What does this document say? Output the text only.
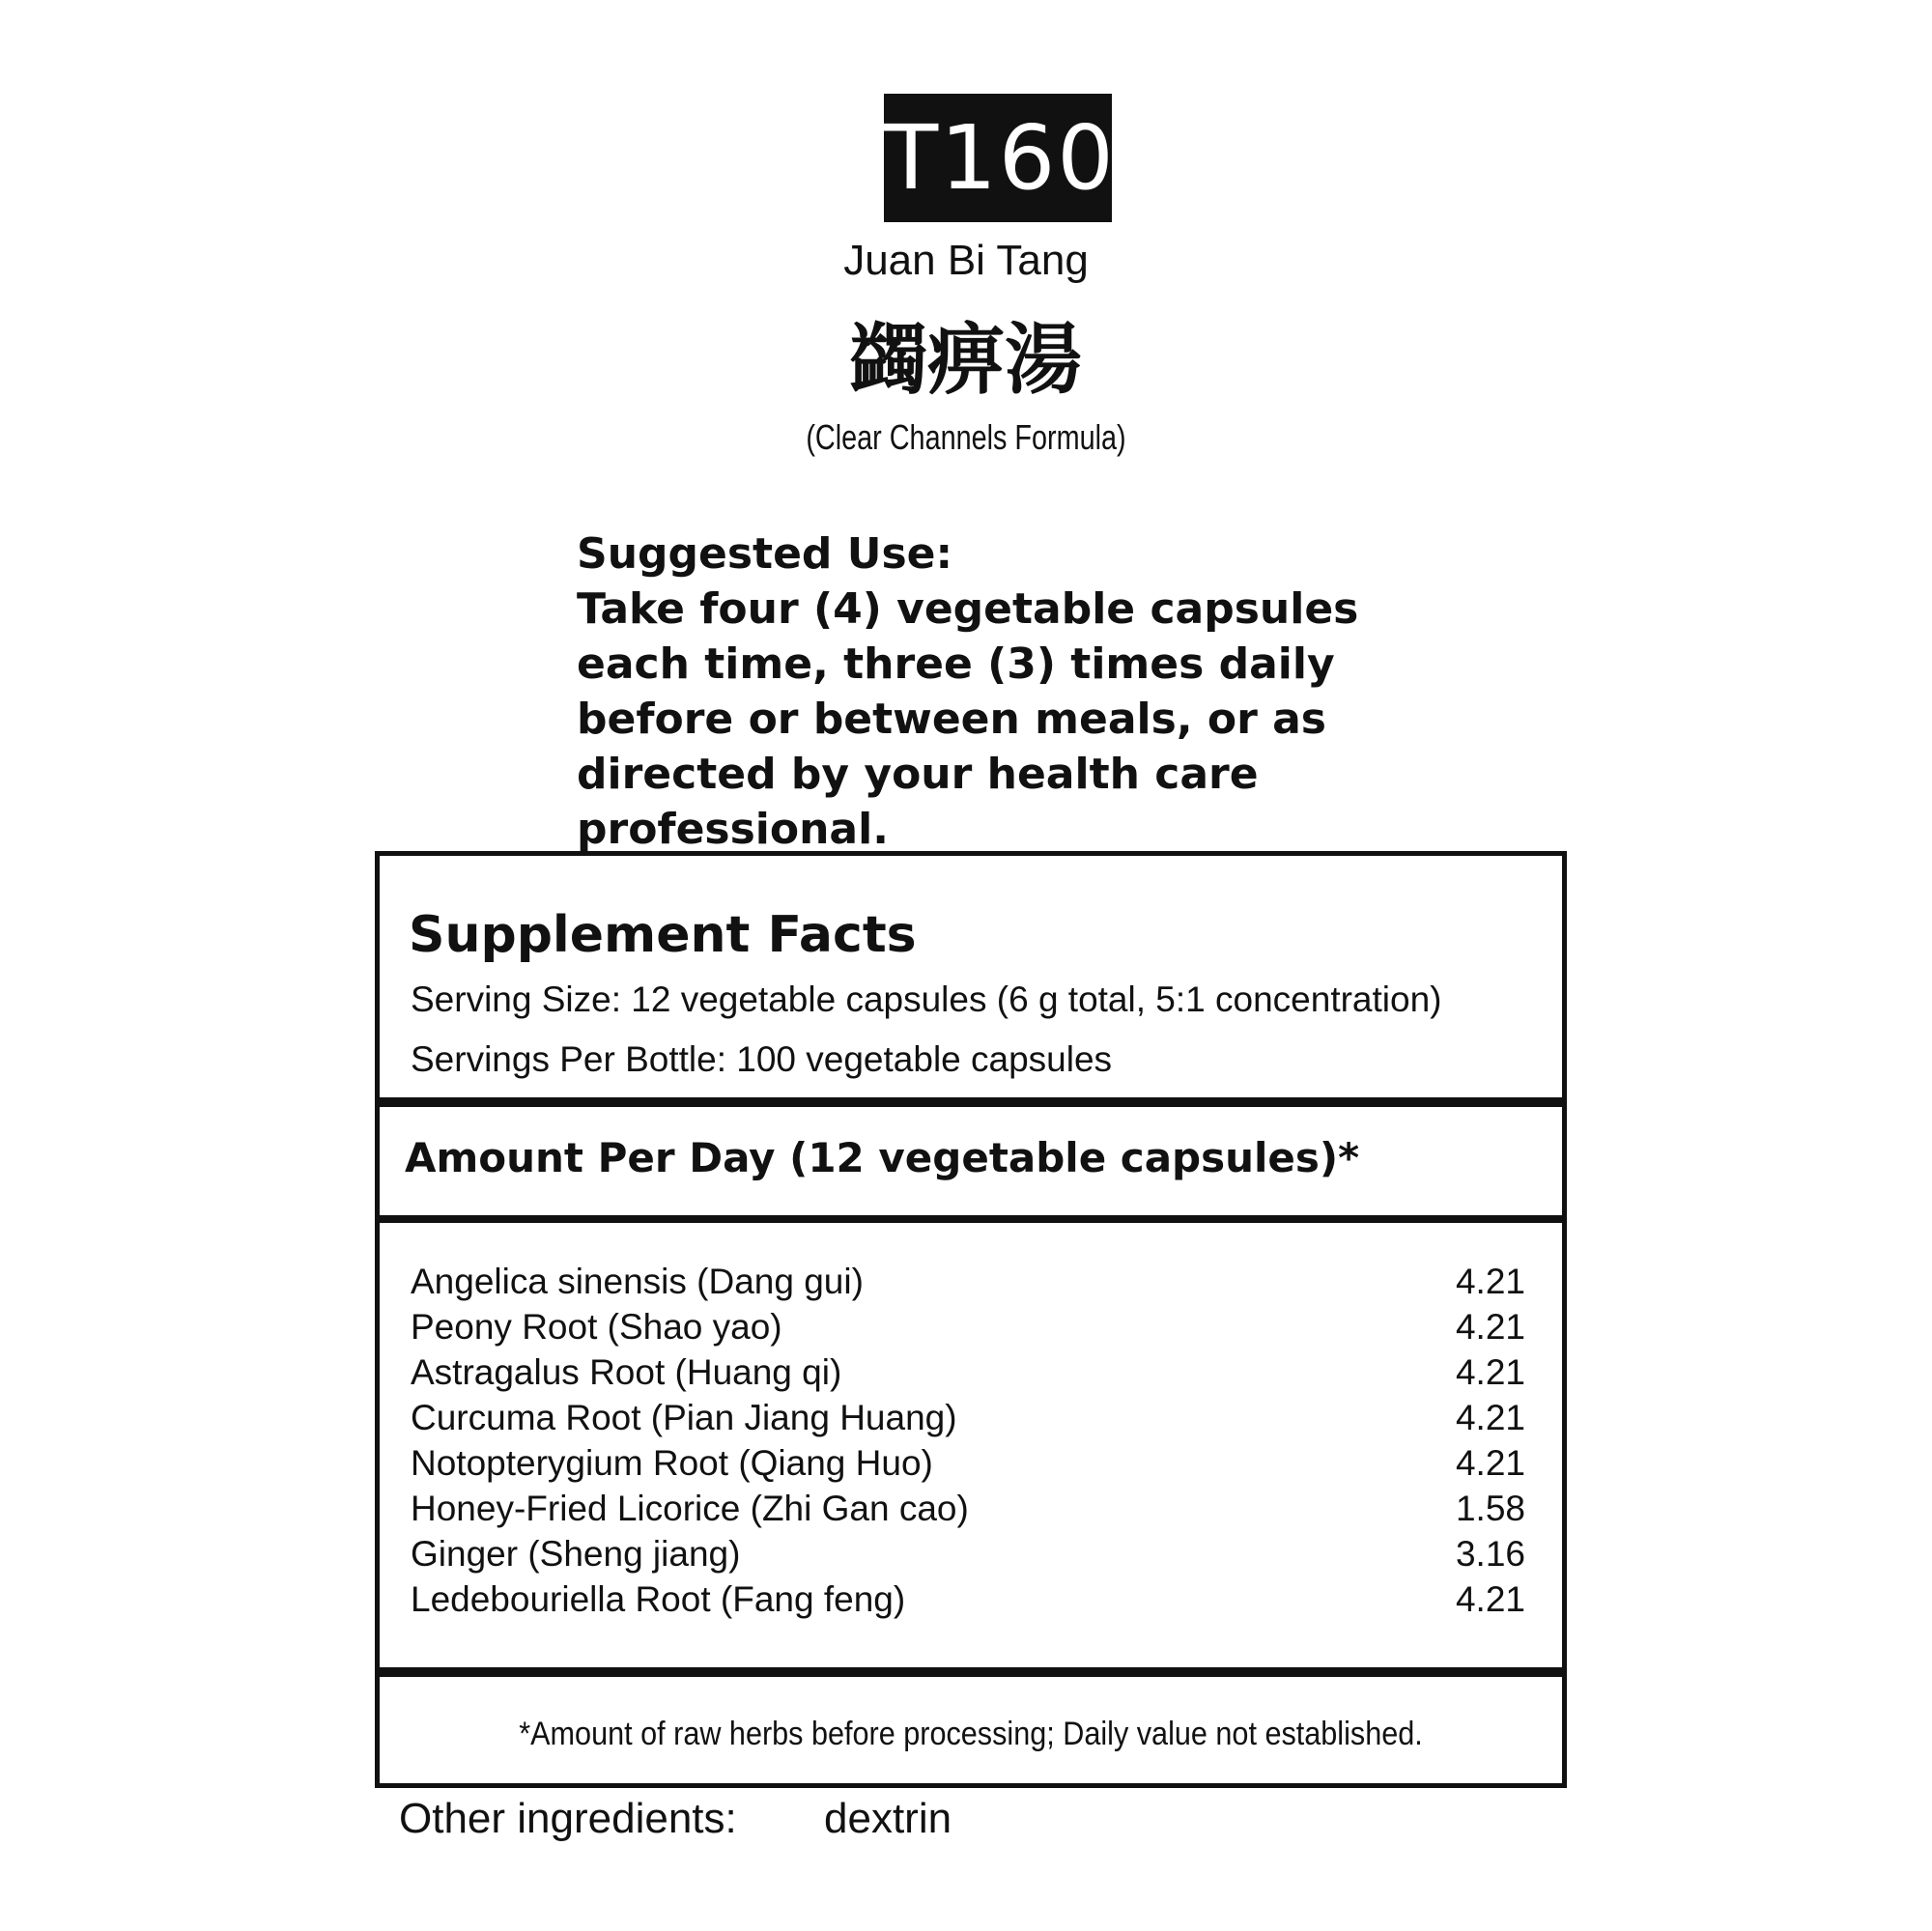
T160
Juan Bi Tang
蠲痹湯
(Clear Channels Formula)
Suggested Use:
Take four (4) vegetable capsules each time, three (3) times daily before or between meals, or as directed by your health care professional.
Supplement Facts
Serving Size: 12 vegetable capsules (6 g total, 5:1 concentration)
Servings Per Bottle: 100 vegetable capsules
Amount Per Day (12 vegetable capsules)*
Angelica sinensis (Dang gui)	4.21
Peony Root (Shao yao)	4.21
Astragalus Root (Huang qi)	4.21
Curcuma Root (Pian Jiang Huang)	4.21
Notopterygium Root (Qiang Huo)	4.21
Honey-Fried Licorice (Zhi Gan cao)	1.58
Ginger (Sheng jiang)	3.16
Ledebouriella Root (Fang feng)	4.21
*Amount of raw herbs before processing; Daily value not established.
Other ingredients: dextrin
